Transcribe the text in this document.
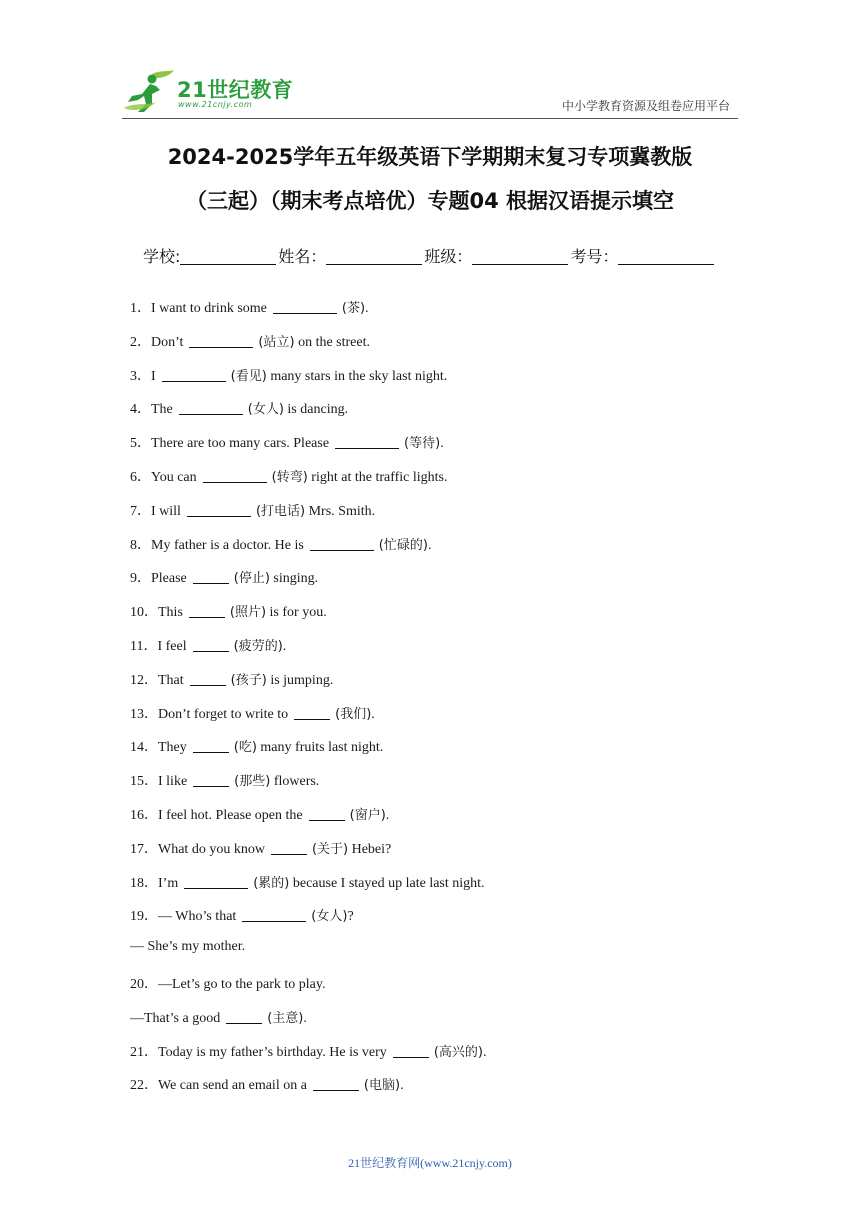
21世纪教育
www.21cnjy.com	中小学教育资源及组卷应用平台
2024-2025学年五年级英语下学期期末复习专项冀教版
（三起）（期末考点培优）专题04 根据汉语提示填空
学校:	姓名：	班级：	考号：
1．I want to drink some	(茶).
2．Don’t	(站立) on the street.
3．I	(看见) many stars in the sky last night.
4．The	(女人) is dancing.
5．There are too many cars. Please	(等待).
6．You can	(转弯) right at the traffic lights.
7．I will	(打电话) Mrs. Smith.
8．My father is a doctor. He is	(忙碌的).
9．Please	(停止) singing.
10．This	(照片) is for you.
11．I feel	(疲劳的).
12．That	(孩子) is jumping.
13．Don’t forget to write to	(我们).
14．They	(吃) many fruits last night.
15．I like	(那些) flowers.
16．I feel hot. Please open the	(窗户).
17．What do you know	(关于) Hebei?
18．I’m	(累的) because I stayed up late last night.
19．— Who’s that	(女人)?
— She’s my mother.
20．—Let’s go to the park to play.
—That’s a good	(主意).
21．Today is my father’s birthday. He is very	(高兴的).
22．We can send an email on a	(电脑).
21世纪教育网(www.21cnjy.com)
